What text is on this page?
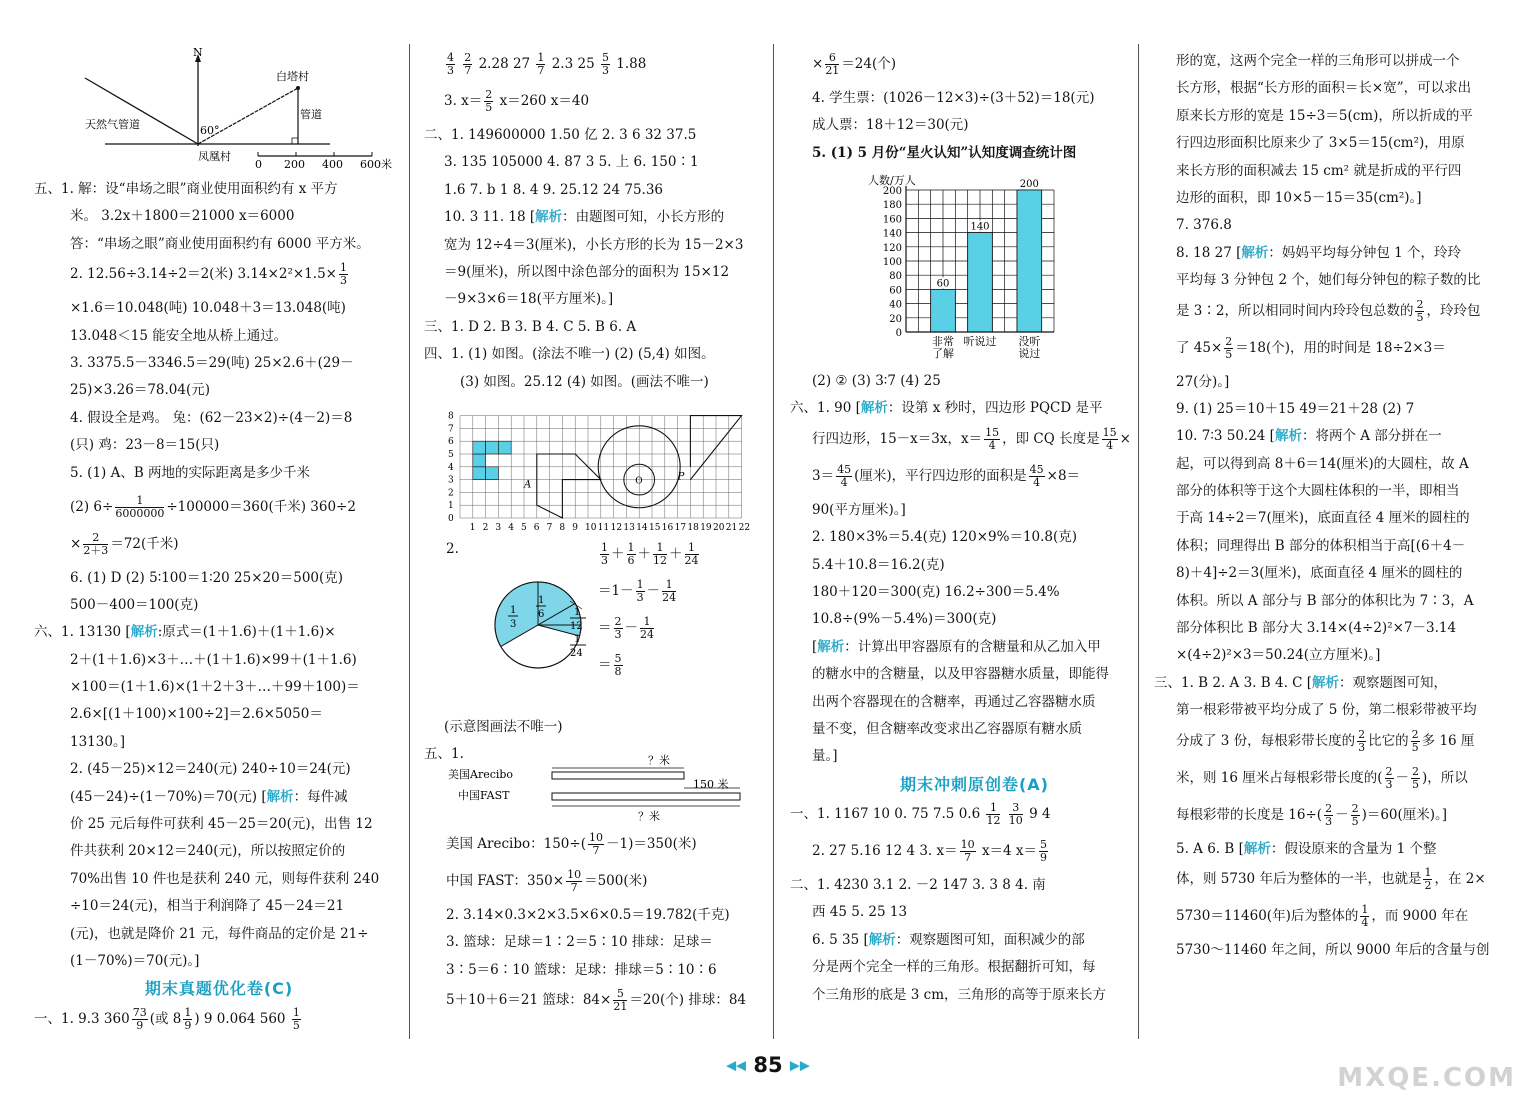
N
白塔村
天然气管道
管道
60°
凤凰村
0 200 400 600米
五、1. 解：设“串场之眼”商业使用面积约有 x 平方
米。 3.2x＋1800＝21000 x＝6000
答：“串场之眼”商业使用面积约有 6000 平方米。
2. 12.56÷3.14÷2＝2(米) $3.14\times 2^2\times 1.5\times \frac{1}{3}$
×1.6＝10.048(吨) 10.048＋3＝13.048(吨)
13.048＜15 能安全地从桥上通过。
3. 3375.5－3346.5＝29(吨) 25×2.6＋(29－
25)×3.26＝78.04(元)
4. 假设全是鸡。 兔：(62－23×2)÷(4－2)＝8
(只) 鸡：23－8＝15(只)
5. (1) A、B 两地的实际距离是多少千米
(2) $6\div \frac{1}{6000000} \div 100000=360$(千米) 360÷2
× $\frac{2}{2+3} =72$(千米)
6. (1) D (2) 5∶100＝1∶20 25×20＝500(克)
500－400＝100(克)
六、1. 13130 [解析:原式＝(1＋1.6)＋(1＋1.6)×
2＋(1＋1.6)×3＋…＋(1＋1.6)×99＋(1＋1.6)
×100＝(1＋1.6)×(1＋2＋3＋…＋99＋100)＝
2.6×[(1＋100)×100÷2]＝2.6×5050＝
13130。]
2. (45－25)×12＝240(元) 240÷10＝24(元)
(45－24)÷(1－70%)＝70(元) [解析：每件减
价 25 元后每件可获利 45－25＝20(元)，出售 12
件共获利 20×12＝240(元)，所以按照定价的
70%出售 10 件也是获利 240 元，则每件获利 240
÷10＝24(元)，相当于利润降了 45－24＝21
(元)，也就是降价 21 元，每件商品的定价是 21÷
(1－70%)＝70(元)。]
期末真题优化卷(C)
一、1. 9.3 $360 \frac{73}{9}$ (或 $8 \frac{1}{9}$ ) 9 0.064 $560 \frac{1}{5}$
$\frac{4}{3}$
$\frac{2}{7} 2.28$ $27 \frac{1}{7} 2.3$ $25 \frac{5}{3} 1.88$
3. $x= \frac{2}{5} x=260$ x＝40
二、1. 149600000 1.50 亿 2. 3 6 32 37.5
3. 135 105000 4. 87 3 5. 上 6. 150∶1
1.6 7. b 1 8. 4 9. 25.12 24 75.36
10. 3 11. 18 [解析：由题图可知，小长方形的
宽为 12÷4＝3(厘米)，小长方形的长为 15－2×3
＝9(厘米)，所以图中涂色部分的面积为 15×12
－9×3×6＝18(平方厘米)。]
三、1. D 2. B 3. B 4. C 5. B 6. A
四、1. (1) 如图。(涂法不唯一) (2) (5,4) 如图。
(3) 如图。25.12 (4) 如图。(画法不唯一)
1 2 3 4 5 6 7 8 9 10 11 12 13 14 15 16 17 18 19 20 21 22
0
1
2
3
4
5
6
7
8
A	O	P
2.
1
3
1
6	1
12
1
24
$\frac{1}{3} + \frac{1}{6} + \frac{1}{12} + \frac{1}{24}$
$=1- \frac{1}{3} - \frac{1}{24}$
＝ $\frac{2}{3} - \frac{1}{24}$
＝ $\frac{5}{8}$
(示意图画法不唯一)
五、1.	？米
美国Arecibo
150 米
中国FAST
？米
美国 Arecibo：$150\div( \frac{10}{7} -1)=350$(米)
中国 FAST：$350\times \frac{10}{7} =500$(米)
2. 3.14×0.3×2×3.5×6×0.5＝19.782(千克)
3. 篮球：足球＝1∶2＝5∶10 排球：足球＝
3∶5＝6∶10 篮球：足球：排球＝5∶10∶6
5＋10＋6＝21 篮球：$84\times \frac{5}{21} =20$(个) 排球：84
× $\frac{6}{21} =24$(个)
4. 学生票：(1026－12×3)÷(3＋52)＝18(元)
成人票：18＋12＝30(元)
5. (1) 5 月份“星火认知”认知度调查统计图
人数/万人
0
20
40
60
80
100
120
140
160
180
200
60
非常
了解
140
听说过
200
没听
说过
(2) ② (3) 3∶7 (4) 25
六、1. 90 [解析：设第 x 秒时，四边形 PQCD 是平
行四边形，15－x＝3x，$x= \frac{15}{4}$ ，即 CQ 长度是 $\frac{15}{4}$ ×
$3= \frac{45}{4}$ (厘米)，平行四边形的面积是 $\frac{45}{4} \times 8=$
90(平方厘米)。]
2. 180×3%＝5.4(克) 120×9%＝10.8(克)
5.4＋10.8＝16.2(克)
180＋120＝300(克) 16.2÷300＝5.4%
10.8÷(9%－5.4%)＝300(克)
[解析：计算出甲容器原有的含糖量和从乙加入甲
的糖水中的含糖量，以及甲容器糖水质量，即能得
出两个容器现在的含糖率，再通过乙容器糖水质
量不变，但含糖率改变求出乙容器原有糖水质
量。]
期末冲刺原创卷(A)
一、1. 1167 10 0. 75 7.5 $0.6 \frac{1}{12}$
$\frac{3}{10} 9$ 4
2. 27 5.16 12 4 3. $x= \frac{10}{7} x=4$ $x= \frac{5}{9}$
二、1. 4230 3.1 2. －2 147 3. 3 8 4. 南
西 45 5. 25 13
6. 5 35 [解析：观察题图可知，面积减少的部
分是两个完全一样的三角形。根据翻折可知，每
个三角形的底是 3 cm，三角形的高等于原来长方
形的宽，这两个完全一样的三角形可以拼成一个
长方形，根据“长方形的面积＝长×宽”，可以求出
原来长方形的宽是 15÷3＝5(cm)，所以折成的平
行四边形面积比原来少了 3×5＝15(cm²)，用原
来长方形的面积减去 15 cm² 就是折成的平行四
边形的面积，即 10×5－15＝35(cm²)。]
7. 376.8
8. 18 27 [解析：妈妈平均每分钟包 1 个，玲玲
平均每 3 分钟包 2 个，她们每分钟包的粽子数的比
是 3∶2，所以相同时间内玲玲包总数的 $\frac{2}{5}$ ，玲玲包
了 $45\times \frac{2}{5} =18$(个)，用的时间是 18÷2×3＝
27(分)。]
9. (1) 25＝10＋15 49＝21＋28 (2) 7
10. 7∶3 50.24 [解析：将两个 A 部分拼在一
起，可以得到高 8＋6＝14(厘米)的大圆柱，故 A
部分的体积等于这个大圆柱体积的一半，即相当
于高 14÷2＝7(厘米)，底面直径 4 厘米的圆柱的
体积；同理得出 B 部分的体积相当于高[(6＋4－
8)＋4]÷2＝3(厘米)，底面直径 4 厘米的圆柱的
体积。所以 A 部分与 B 部分的体积比为 7∶3，A
部分体积比 B 部分大 3.14×(4÷2)²×7－3.14
×(4÷2)²×3＝50.24(立方厘米)。]
三、1. B 2. A 3. B 4. C [解析：观察题图可知，
第一根彩带被平均分成了 5 份，第二根彩带被平均
分成了 3 份，每根彩带长度的 $\frac{2}{3}$ 比它的 $\frac{2}{5}$ 多 16 厘
米，则 16 厘米占每根彩带长度的( $\frac{2}{3} - \frac{2}{5}$ )，所以
每根彩带的长度是 $16\div( \frac{2}{3} - \frac{2}{5} )=60$(厘米)。]
5. A 6. B [解析：假设原来的含量为 1 个整
体，则 5730 年后为整体的一半，也就是 $\frac{1}{2}$ ，在 2×
5730＝11460(年)后为整体的 $\frac{1}{4}$ ，而 9000 年在
5730～11460 年之间，所以 9000 年后的含量与创
◀◀ 85 ▶▶	MXQE.COM
